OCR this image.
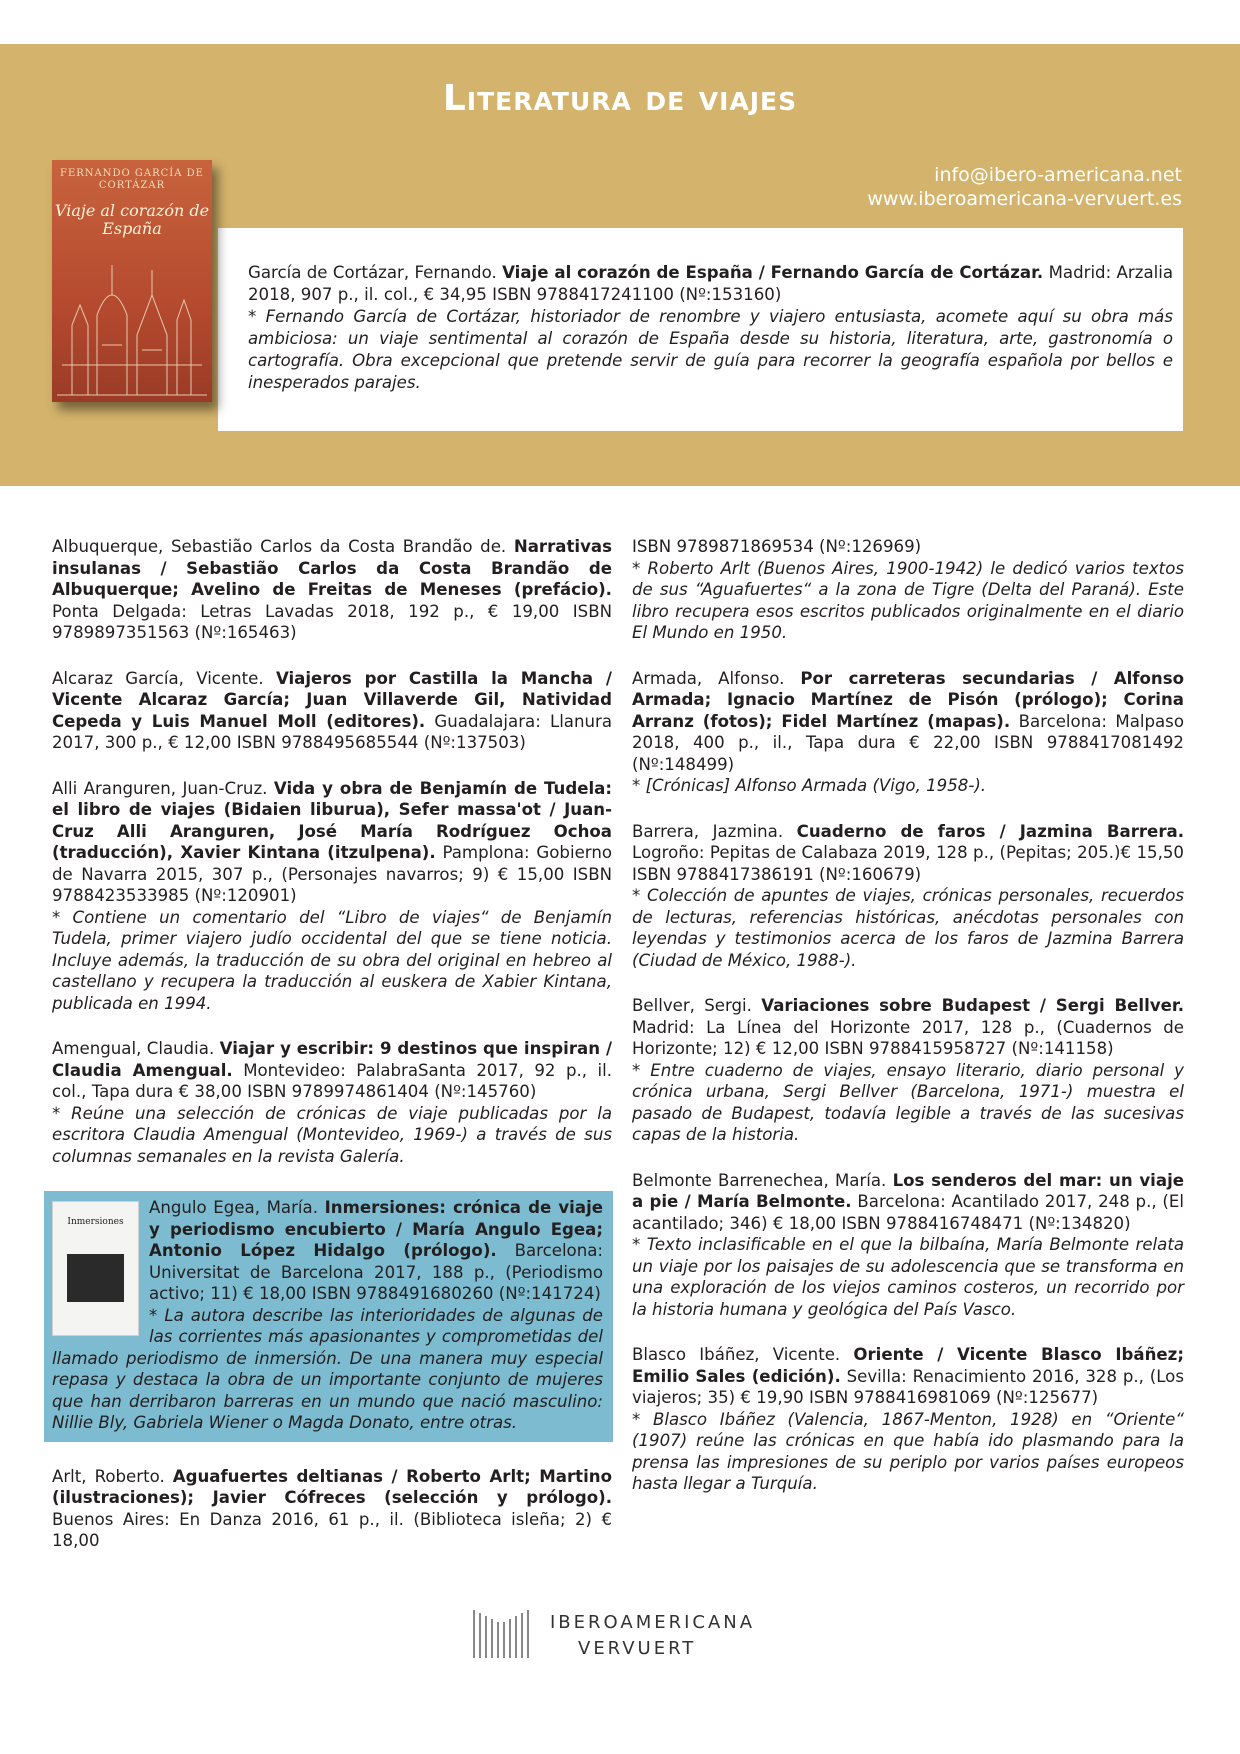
Literatura de viajes
info@ibero-americana.net
www.iberoamericana-vervuert.es
FERNANDO GARCÍA DE CORTÁZAR
Viaje al corazón de España
García de Cortázar, Fernando. Viaje al corazón de España / Fernando García de Cortázar. Madrid: Arzalia 2018, 907 p., il. col., € 34,95 ISBN 9788417241100 (Nº:153160)
* Fernando García de Cortázar, historiador de renombre y viajero entusiasta, acomete aquí su obra más ambiciosa: un viaje sentimental al corazón de España desde su historia, literatura, arte, gastronomía o cartografía. Obra excepcional que pretende servir de guía para recorrer la geografía española por bellos e inesperados parajes.
Albuquerque, Sebastião Carlos da Costa Brandão de. Narrativas insulanas / Sebastião Carlos da Costa Brandão de Albuquerque; Avelino de Freitas de Meneses (prefácio). Ponta Delgada: Letras Lavadas 2018, 192 p., € 19,00 ISBN 9789897351563 (Nº:165463)
Alcaraz García, Vicente. Viajeros por Castilla la Mancha / Vicente Alcaraz García; Juan Villaverde Gil, Natividad Cepeda y Luis Manuel Moll (editores). Guadalajara: Llanura 2017, 300 p., € 12,00 ISBN 9788495685544 (Nº:137503)
Alli Aranguren, Juan-Cruz. Vida y obra de Benjamín de Tudela: el libro de viajes (Bidaien liburua), Sefer massa'ot / Juan-Cruz Alli Aranguren, José María Rodríguez Ochoa (traducción), Xavier Kintana (itzulpena). Pamplona: Gobierno de Navarra 2015, 307 p., (Personajes navarros; 9) € 15,00 ISBN 9788423533985 (Nº:120901)
* Contiene un comentario del “Libro de viajes“ de Benjamín Tudela, primer viajero judío occidental del que se tiene noticia. Incluye además, la traducción de su obra del original en hebreo al castellano y recupera la traducción al euskera de Xabier Kintana, publicada en 1994.
Amengual, Claudia. Viajar y escribir: 9 destinos que inspiran / Claudia Amengual. Montevideo: PalabraSanta 2017, 92 p., il. col., Tapa dura € 38,00 ISBN 9789974861404 (Nº:145760)
* Reúne una selección de crónicas de viaje publicadas por la escritora Claudia Amengual (Montevideo, 1969-) a través de sus columnas semanales en la revista Galería.
Inmersiones
Angulo Egea, María. Inmersiones: crónica de viaje y periodismo encubierto / María Angulo Egea; Antonio López Hidalgo (prólogo). Barcelona: Universitat de Barcelona 2017, 188 p., (Periodismo activo; 11) € 18,00 ISBN 9788491680260 (Nº:141724)
* La autora describe las interioridades de algunas de las corrientes más apasionantes y comprometidas del llamado periodismo de inmersión. De una manera muy especial repasa y destaca la obra de un importante conjunto de mujeres que han derribaron barreras en un mundo que nació masculino: Nillie Bly, Gabriela Wiener o Magda Donato, entre otras.
Arlt, Roberto. Aguafuertes deltianas / Roberto Arlt; Martino (ilustraciones); Javier Cófreces (selección y prólogo). Buenos Aires: En Danza 2016, 61 p., il. (Biblioteca isleña; 2) € 18,00
ISBN 9789871869534 (Nº:126969)
* Roberto Arlt (Buenos Aires, 1900-1942) le dedicó varios textos de sus “Aguafuertes“ a la zona de Tigre (Delta del Paraná). Este libro recupera esos escritos publicados originalmente en el diario El Mundo en 1950.
Armada, Alfonso. Por carreteras secundarias / Alfonso Armada; Ignacio Martínez de Pisón (prólogo); Corina Arranz (fotos); Fidel Martínez (mapas). Barcelona: Malpaso 2018, 400 p., il., Tapa dura € 22,00 ISBN 9788417081492 (Nº:148499)
* [Crónicas] Alfonso Armada (Vigo, 1958-).
Barrera, Jazmina. Cuaderno de faros / Jazmina Barrera. Logroño: Pepitas de Calabaza 2019, 128 p., (Pepitas; 205.)€ 15,50 ISBN 9788417386191 (Nº:160679)
* Colección de apuntes de viajes, crónicas personales, recuerdos de lecturas, referencias históricas, anécdotas personales con leyendas y testimonios acerca de los faros de Jazmina Barrera (Ciudad de México, 1988-).
Bellver, Sergi. Variaciones sobre Budapest / Sergi Bellver. Madrid: La Línea del Horizonte 2017, 128 p., (Cuadernos de Horizonte; 12) € 12,00 ISBN 9788415958727 (Nº:141158)
* Entre cuaderno de viajes, ensayo literario, diario personal y crónica urbana, Sergi Bellver (Barcelona, 1971-) muestra el pasado de Budapest, todavía legible a través de las sucesivas capas de la historia.
Belmonte Barrenechea, María. Los senderos del mar: un viaje a pie / María Belmonte. Barcelona: Acantilado 2017, 248 p., (El acantilado; 346) € 18,00 ISBN 9788416748471 (Nº:134820)
* Texto inclasificable en el que la bilbaína, María Belmonte relata un viaje por los paisajes de su adolescencia que se transforma en una exploración de los viejos caminos costeros, un recorrido por la historia humana y geológica del País Vasco.
Blasco Ibáñez, Vicente. Oriente / Vicente Blasco Ibáñez; Emilio Sales (edición). Sevilla: Renacimiento 2016, 328 p., (Los viajeros; 35) € 19,90 ISBN 9788416981069 (Nº:125677)
* Blasco Ibáñez (Valencia, 1867-Menton, 1928) en “Oriente“ (1907) reúne las crónicas en que había ido plasmando para la prensa las impresiones de su periplo por varios países europeos hasta llegar a Turquía.
IBEROAMERICANA
VERVUERT
